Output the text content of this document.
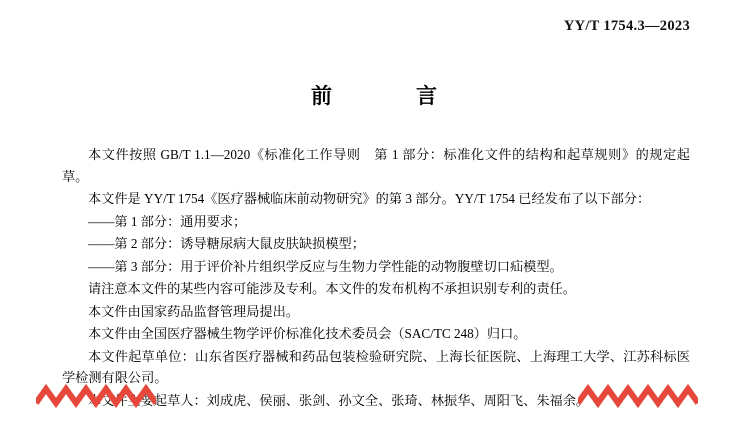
YY/T 1754.3—2023
前　　言

本文件按照 GB/T 1.1—2020《标准化工作导则　第 1 部分：标准化文件的结构和起草规则》的规定起草。

本文件是 YY/T 1754《医疗器械临床前动物研究》的第 3 部分。YY/T 1754 已经发布了以下部分：

——第 1 部分：通用要求；

——第 2 部分：诱导糖尿病大鼠皮肤缺损模型；

——第 3 部分：用于评价补片组织学反应与生物力学性能的动物腹壁切口疝模型。

请注意本文件的某些内容可能涉及专利。本文件的发布机构不承担识别专利的责任。

本文件由国家药品监督管理局提出。

本文件由全国医疗器械生物学评价标准化技术委员会（SAC/TC 248）归口。

本文件起草单位：山东省医疗器械和药品包装检验研究院、上海长征医院、上海理工大学、江苏科标医学检测有限公司。

本文件主要起草人：刘成虎、侯丽、张剑、孙文全、张琦、林振华、周阳飞、朱福余。
